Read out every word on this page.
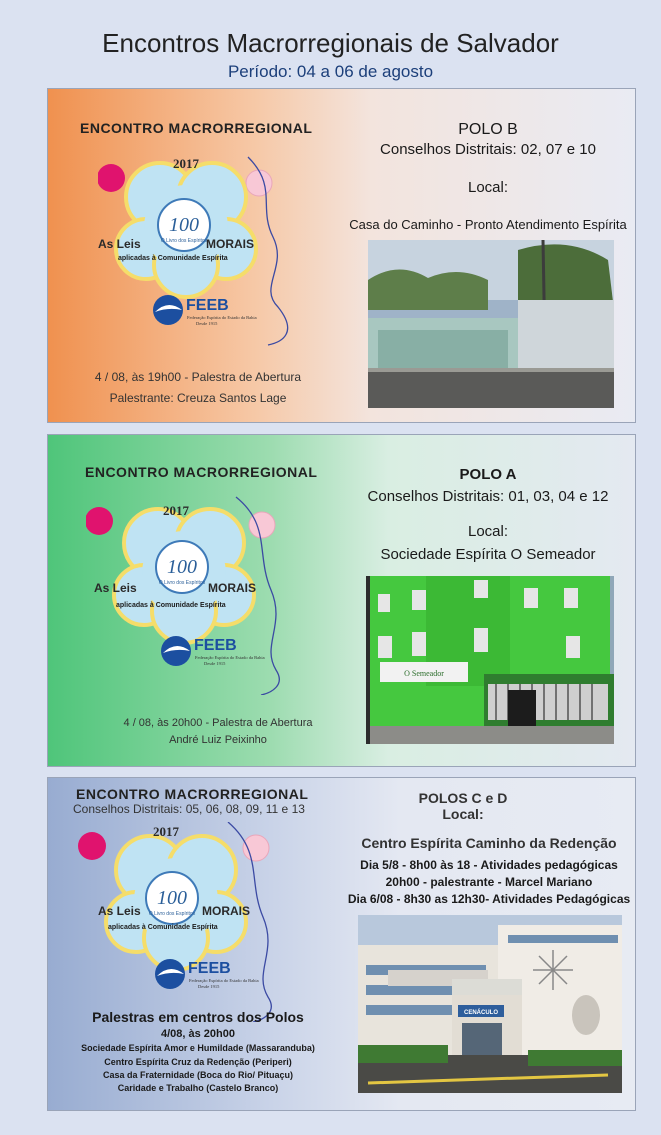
Encontros Macrorregionais de Salvador
Período: 04 a 06 de agosto
ENCONTRO MACRORREGIONAL
100
O Livro dos Espíritos
2017
As Leis	MORAIS
aplicadas à Comunidade Espírita
FEEB
Federação Espírita do Estado da Bahia
Desde 1915
4 / 08, às 19h00 - Palestra de Abertura
Palestrante: Creuza Santos Lage
POLO B
Conselhos Distritais: 02, 07 e 10
Local:
Casa do Caminho - Pronto Atendimento Espírita
ENCONTRO MACRORREGIONAL
100
O Livro dos Espíritos
2017
As Leis	MORAIS
aplicadas à Comunidade Espírita
FEEB
Federação Espírita do Estado da Bahia
Desde 1915
4 / 08, às 20h00 - Palestra de Abertura
André Luiz Peixinho
POLO A
Conselhos Distritais: 01, 03, 04 e 12
Local:
Sociedade Espírita O Semeador
O Semeador
ENCONTRO MACRORREGIONAL
Conselhos Distritais: 05, 06, 08, 09, 11 e 13
100
O Livro dos Espíritos
2017
As Leis	MORAIS
aplicadas à Comunidade Espírita
FEEB
Federação Espírita do Estado da Bahia
Desde 1915
Palestras em centros dos Polos
4/08, às 20h00
Sociedade Espírita Amor e Humildade (Massaranduba)
Centro Espírita Cruz da Redenção (Periperi)
Casa da Fraternidade (Boca do Rio/ Pituaçu)
Caridade e Trabalho (Castelo Branco)
POLOS C e D
Local:
Centro Espírita Caminho da Redenção
Dia 5/8 - 8h00 às 18 - Atividades pedagógicas
20h00 - palestrante - Marcel Mariano
Dia 6/08 - 8h30 as 12h30- Atividades Pedagógicas
CENÁCULO
